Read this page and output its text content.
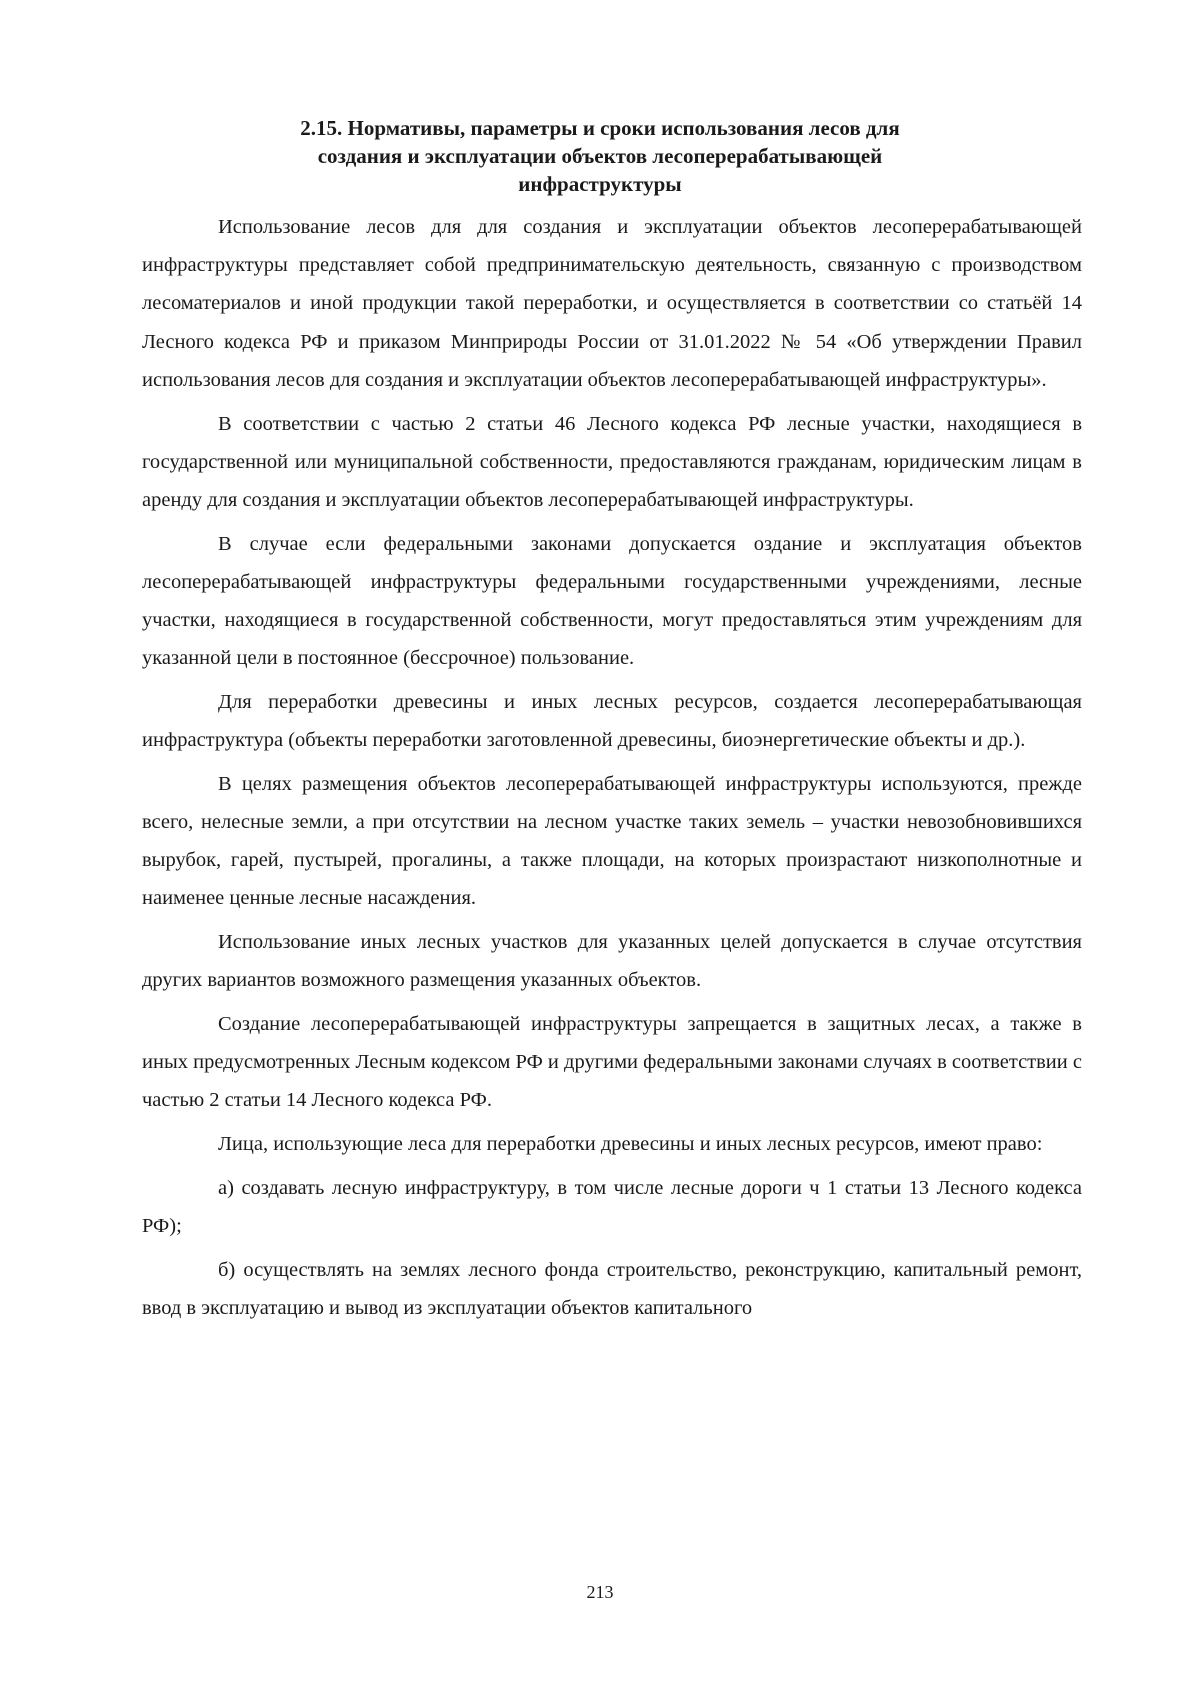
2.15. Нормативы, параметры и сроки использования лесов для
создания и эксплуатации объектов лесоперерабатывающей
инфраструктуры

Использование лесов для для создания и эксплуатации объектов лесоперерабатывающей инфраструктуры представляет собой предпринимательскую деятельность, связанную с производством лесоматериалов и иной продукции такой переработки, и осуществляется в соответствии со статьёй 14 Лесного кодекса РФ и приказом Минприроды России от 31.01.2022 № 54 «Об утверждении Правил использования лесов для создания и эксплуатации объектов лесоперерабатывающей инфраструктуры».

В соответствии с частью 2 статьи 46 Лесного кодекса РФ лесные участки, находящиеся в государственной или муниципальной собственности, предоставляются гражданам, юридическим лицам в аренду для создания и эксплуатации объектов лесоперерабатывающей инфраструктуры.

В случае если федеральными законами допускается оздание и эксплуатация объектов лесоперерабатывающей инфраструктуры федеральными государственными учреждениями, лесные участки, находящиеся в государственной собственности, могут предоставляться этим учреждениям для указанной цели в постоянное (бессрочное) пользование.

Для переработки древесины и иных лесных ресурсов, создается лесоперерабатывающая инфраструктура (объекты переработки заготовленной древесины, биоэнергетические объекты и др.).

В целях размещения объектов лесоперерабатывающей инфраструктуры используются, прежде всего, нелесные земли, а при отсутствии на лесном участке таких земель – участки невозобновившихся вырубок, гарей, пустырей, прогалины, а также площади, на которых произрастают низкополнотные и наименее ценные лесные насаждения.

Использование иных лесных участков для указанных целей допускается в случае отсутствия других вариантов возможного размещения указанных объектов.

Создание лесоперерабатывающей инфраструктуры запрещается в защитных лесах, а также в иных предусмотренных Лесным кодексом РФ и другими федеральными законами случаях в соответствии с частью 2 статьи 14 Лесного кодекса РФ.

Лица, использующие леса для переработки древесины и иных лесных ресурсов, имеют право:

а) создавать лесную инфраструктуру, в том числе лесные дороги ч 1 статьи 13 Лесного кодекса РФ);

б) осуществлять на землях лесного фонда строительство, реконструкцию, капитальный ремонт, ввод в эксплуатацию и вывод из эксплуатации объектов капитального

213
